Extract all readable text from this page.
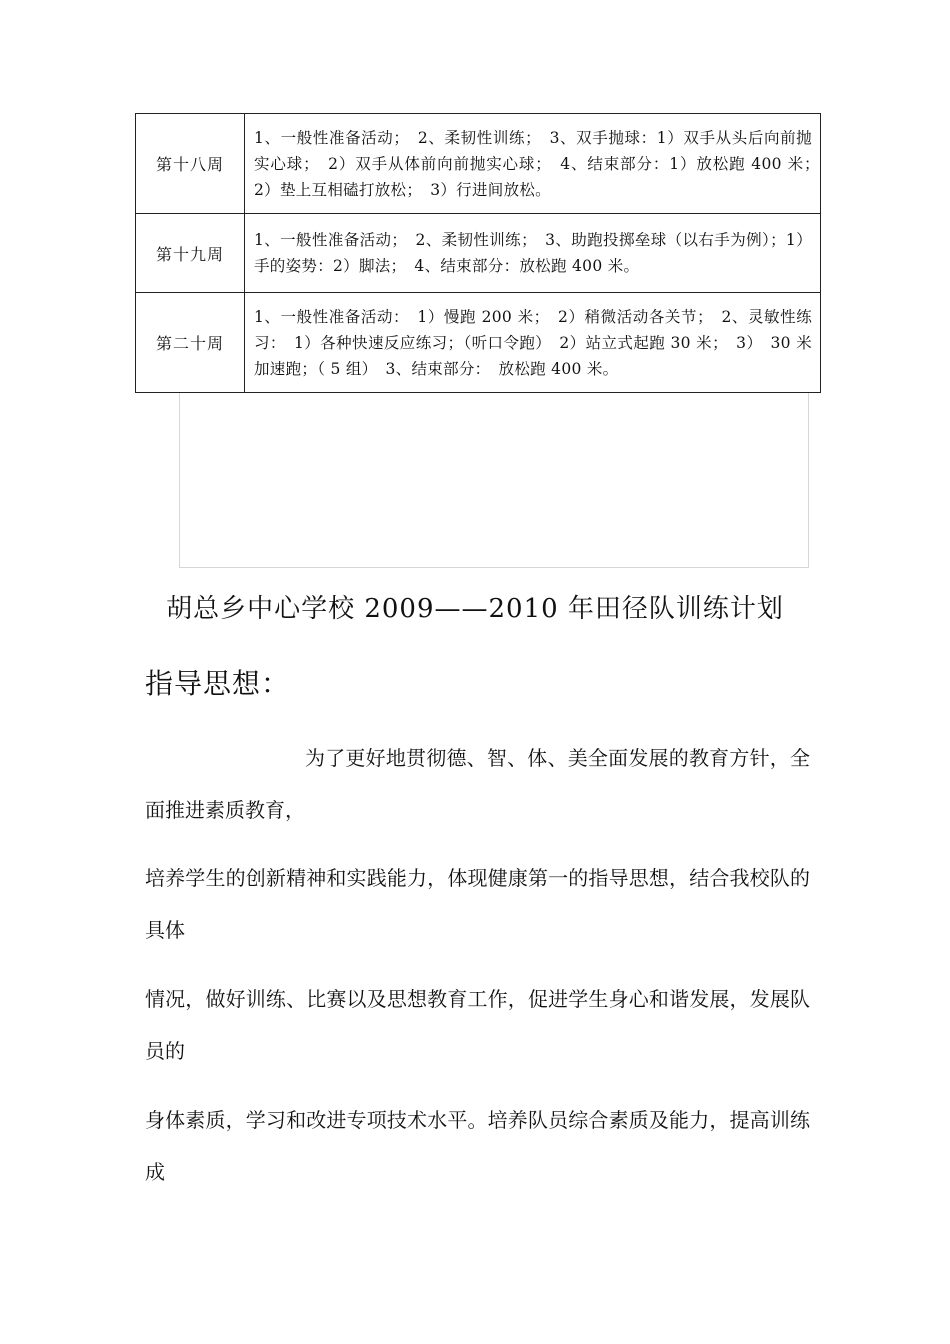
第十八周	1、一般性准备活动；　2、柔韧性训练；　3、双手抛球：1）双手从头后向前抛实心球；　2）双手从体前向前抛实心球；　4、结束部分：1）放松跑 400 米；　2）垫上互相磕打放松；　3）行进间放松。
第十九周	1、一般性准备活动；　2、柔韧性训练；　3、助跑投掷垒球（以右手为例）；1）手的姿势：2）脚法；　4、结束部分：放松跑 400 米。
第二十周	1、一般性准备活动：　1）慢跑 200 米；　2）稍微活动各关节；　2、灵敏性练习：　1）各种快速反应练习；（听口令跑）　2）站立式起跑 30 米；　3）　30 米加速跑；（ 5 组）　3、结束部分：　放松跑 400 米。
胡总乡中心学校 2009——2010 年田径队训练计划
指导思想：

为了更好地贯彻德、智、体、美全面发展的教育方针，全面推进素质教育，

培养学生的创新精神和实践能力，体现健康第一的指导思想，结合我校队的具体

情况，做好训练、比赛以及思想教育工作，促进学生身心和谐发展，发展队员的

身体素质，学习和改进专项技术水平。培养队员综合素质及能力，提高训练成
